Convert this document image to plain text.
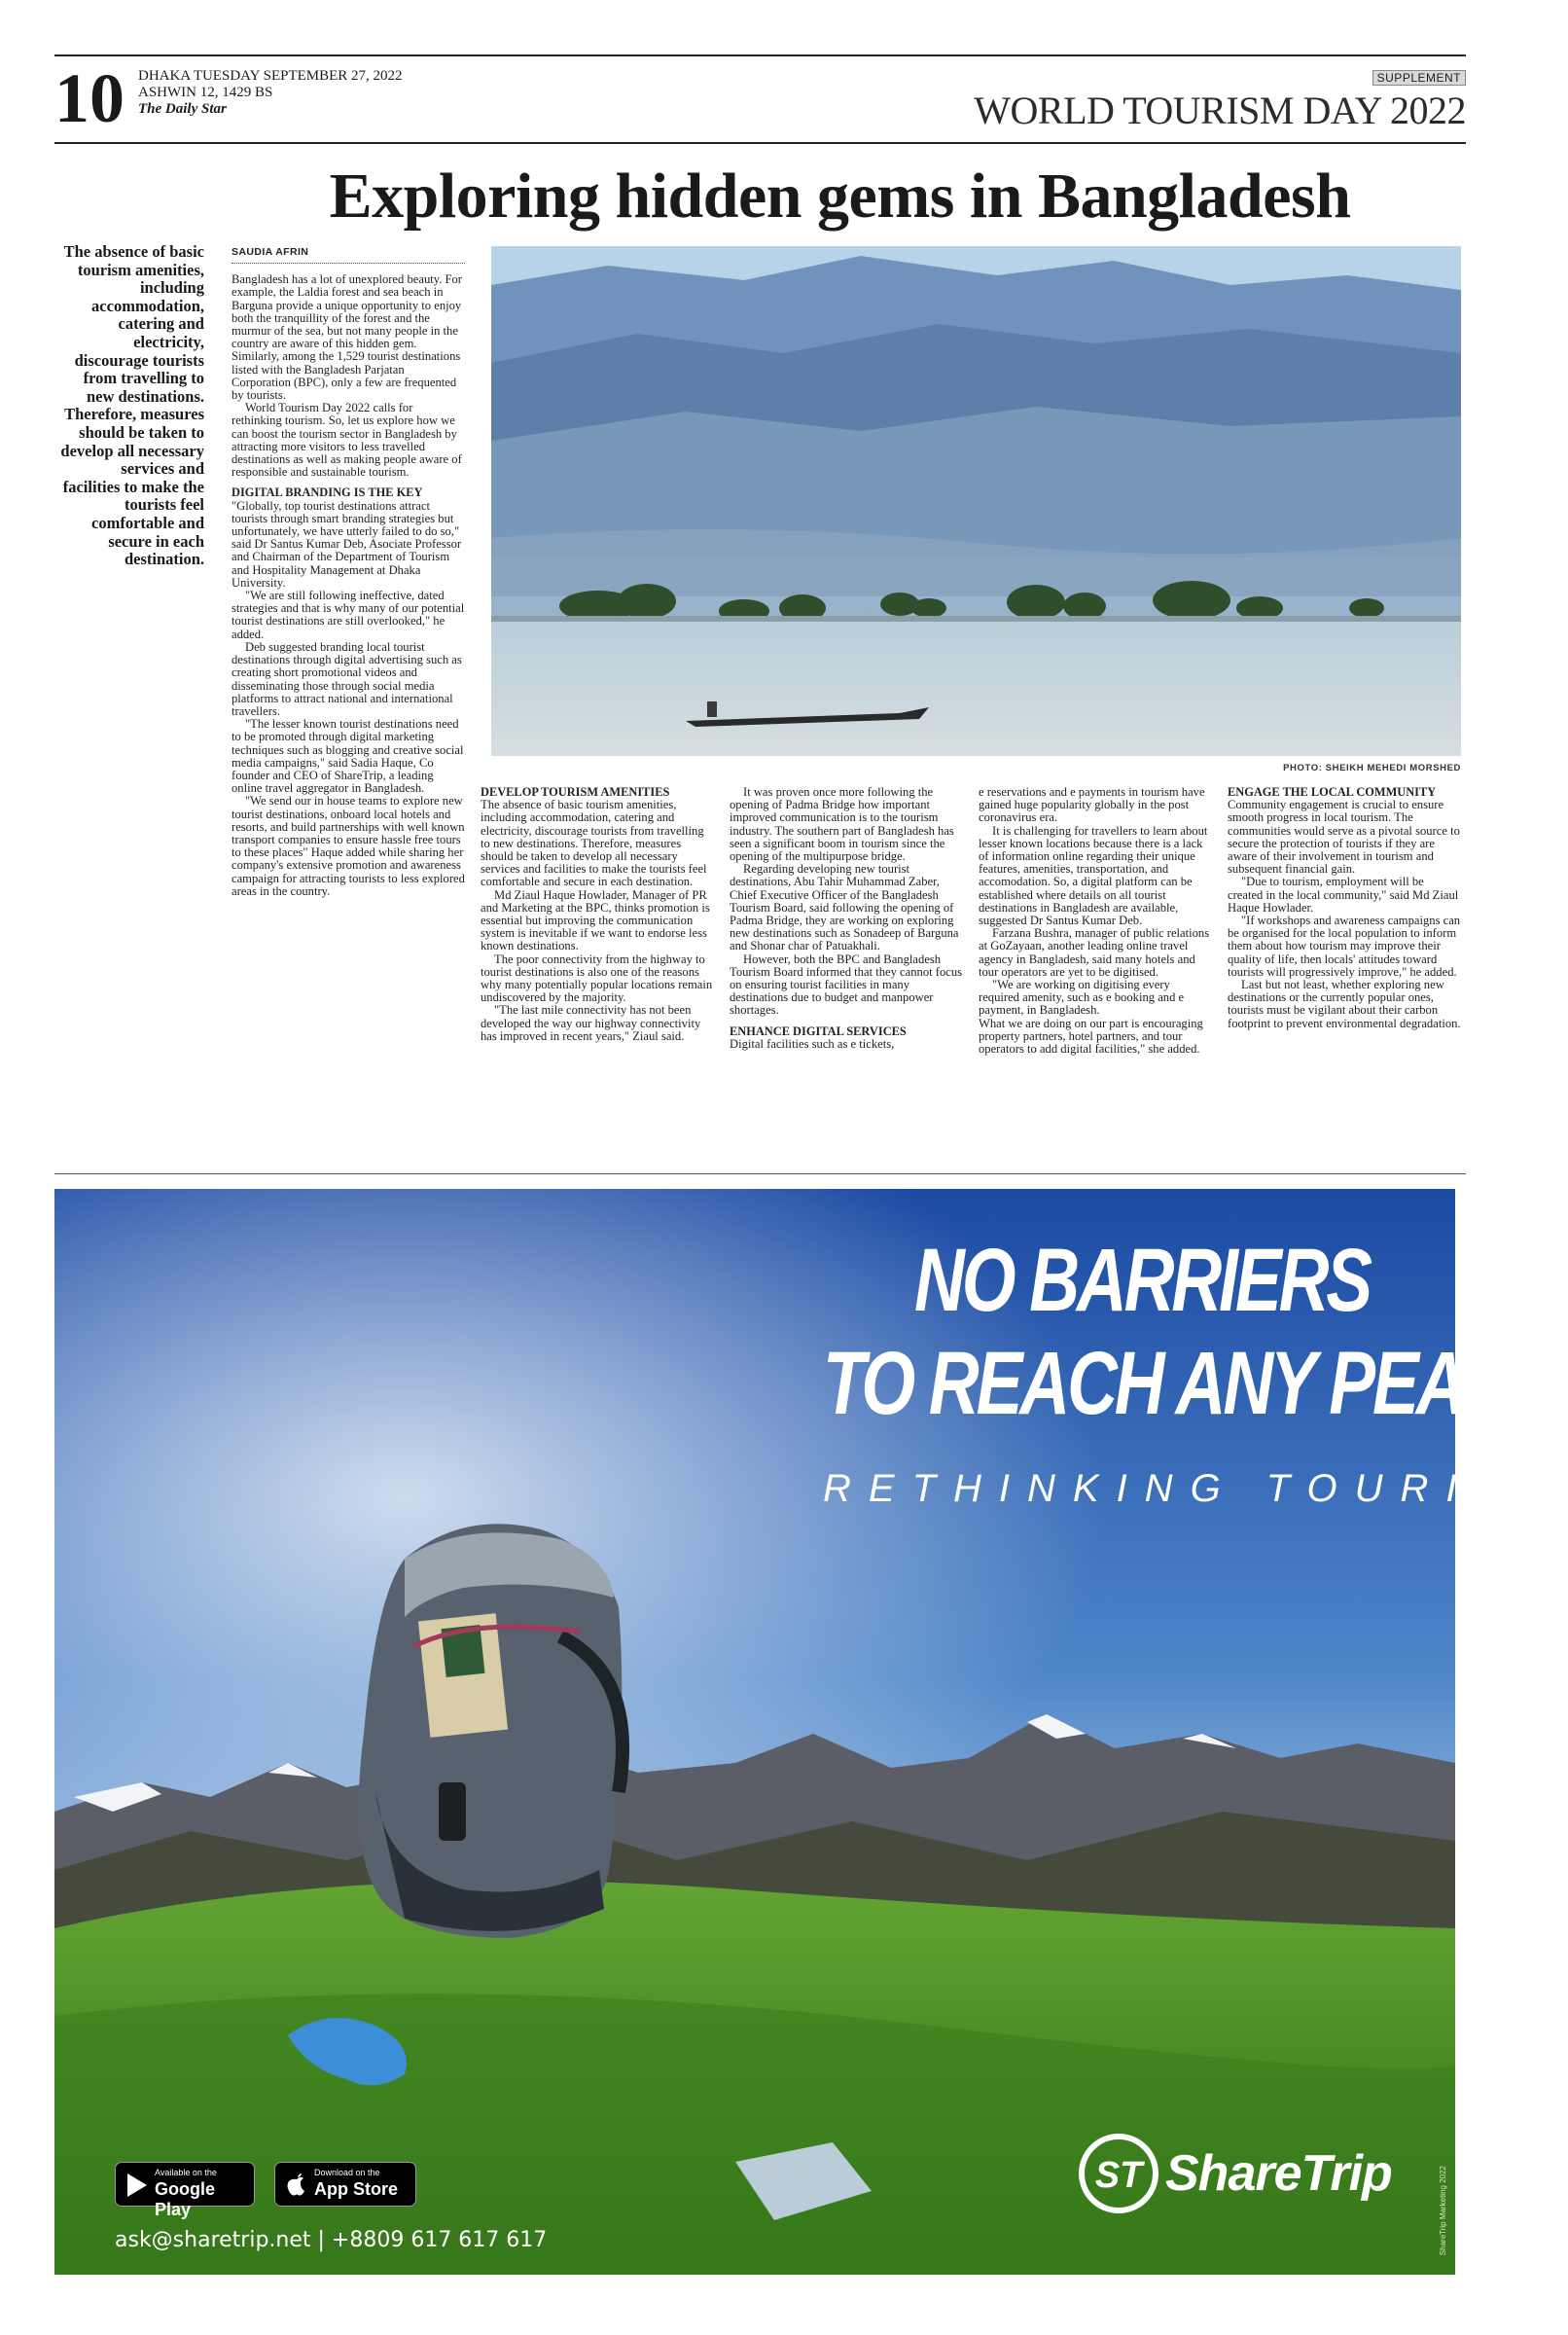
10 DHAKA TUESDAY SEPTEMBER 27, 2022
ASHWIN 12, 1429 BS
The Daily Star
SUPPLEMENT
WORLD TOURISM DAY 2022
Exploring hidden gems in Bangladesh
The absence of basic tourism amenities, including accommodation, catering and electricity, discourage tourists from travelling to new destinations. Therefore, measures should be taken to develop all necessary services and facilities to make the tourists feel comfortable and secure in each destination.
SAUDIA AFRIN

Bangladesh has a lot of unexplored beauty. For example, the Laldia forest and sea beach in Barguna provide a unique opportunity to enjoy both the tranquillity of the forest and the murmur of the sea, but not many people in the country are aware of this hidden gem. Similarly, among the 1,529 tourist destinations listed with the Bangladesh Parjatan Corporation (BPC), only a few are frequented by tourists.

World Tourism Day 2022 calls for rethinking tourism. So, let us explore how we can boost the tourism sector in Bangladesh by attracting more visitors to less travelled destinations as well as making people aware of responsible and sustainable tourism.

DIGITAL BRANDING IS THE KEY

"Globally, top tourist destinations attract tourists through smart branding strategies but unfortunately, we have utterly failed to do so," said Dr Santus Kumar Deb, Asociate Professor and Chairman of the Department of Tourism and Hospitality Management at Dhaka University.

"We are still following ineffective, dated strategies and that is why many of our potential tourist destinations are still overlooked," he added.

Deb suggested branding local tourist destinations through digital advertising such as creating short promotional videos and disseminating those through social media platforms to attract national and international travellers.

"The lesser known tourist destinations need to be promoted through digital marketing techniques such as blogging and creative social media campaigns," said Sadia Haque, Co founder and CEO of ShareTrip, a leading online travel aggregator in Bangladesh.

"We send our in house teams to explore new tourist destinations, onboard local hotels and resorts, and build partnerships with well known transport companies to ensure hassle free tours to these places" Haque added while sharing her company's extensive promotion and awareness campaign for attracting tourists to less explored areas in the country.

PHOTO: SHEIKH MEHEDI MORSHED

DEVELOP TOURISM AMENITIES

The absence of basic tourism amenities, including accommodation, catering and electricity, discourage tourists from travelling to new destinations. Therefore, measures should be taken to develop all necessary services and facilities to make the tourists feel comfortable and secure in each destination.

Md Ziaul Haque Howlader, Manager of PR and Marketing at the BPC, thinks promotion is essential but improving the communication system is inevitable if we want to endorse less known destinations.

The poor connectivity from the highway to tourist destinations is also one of the reasons why many potentially popular locations remain undiscovered by the majority.

"The last mile connectivity has not been developed the way our highway connectivity has improved in recent years," Ziaul said.

It was proven once more following the opening of Padma Bridge how important improved communication is to the tourism industry. The southern part of Bangladesh has seen a significant boom in tourism since the opening of the multipurpose bridge.

Regarding developing new tourist destinations, Abu Tahir Muhammad Zaber, Chief Executive Officer of the Bangladesh Tourism Board, said following the opening of Padma Bridge, they are working on exploring new destinations such as Sonadeep of Barguna and Shonar char of Patuakhali.

However, both the BPC and Bangladesh Tourism Board informed that they cannot focus on ensuring tourist facilities in many destinations due to budget and manpower shortages.

ENHANCE DIGITAL SERVICES

Digital facilities such as e tickets,

e reservations and e payments in tourism have gained huge popularity globally in the post coronavirus era.

It is challenging for travellers to learn about lesser known locations because there is a lack of information online regarding their unique features, amenities, transportation, and accomodation. So, a digital platform can be established where details on all tourist destinations in Bangladesh are available, suggested Dr Santus Kumar Deb.

Farzana Bushra, manager of public relations at GoZayaan, another leading online travel agency in Bangladesh, said many hotels and tour operators are yet to be digitised.

"We are working on digitising every required amenity, such as e booking and e payment, in Bangladesh.

What we are doing on our part is encouraging property partners, hotel partners, and tour operators to add digital facilities," she added.

ENGAGE THE LOCAL COMMUNITY

Community engagement is crucial to ensure smooth progress in local tourism. The communities would serve as a pivotal source to secure the protection of tourists if they are aware of their involvement in tourism and subsequent financial gain.

"Due to tourism, employment will be created in the local community," said Md Ziaul Haque Howlader.

"If workshops and awareness campaigns can be organised for the local population to inform them about how tourism may improve their quality of life, then locals' attitudes toward tourists will progressively improve," he added.

Last but not least, whether exploring new destinations or the currently popular ones, tourists must be vigilant about their carbon footprint to prevent environmental degradation.

NO BARRIERS
TO REACH ANY PEAK
RETHINKING TOURISM
Available on the
Google Play
Download on the
App Store
ask@sharetrip.net | +8809 617 617 617
ST ShareTrip	ShareTrip Marketing 2022
